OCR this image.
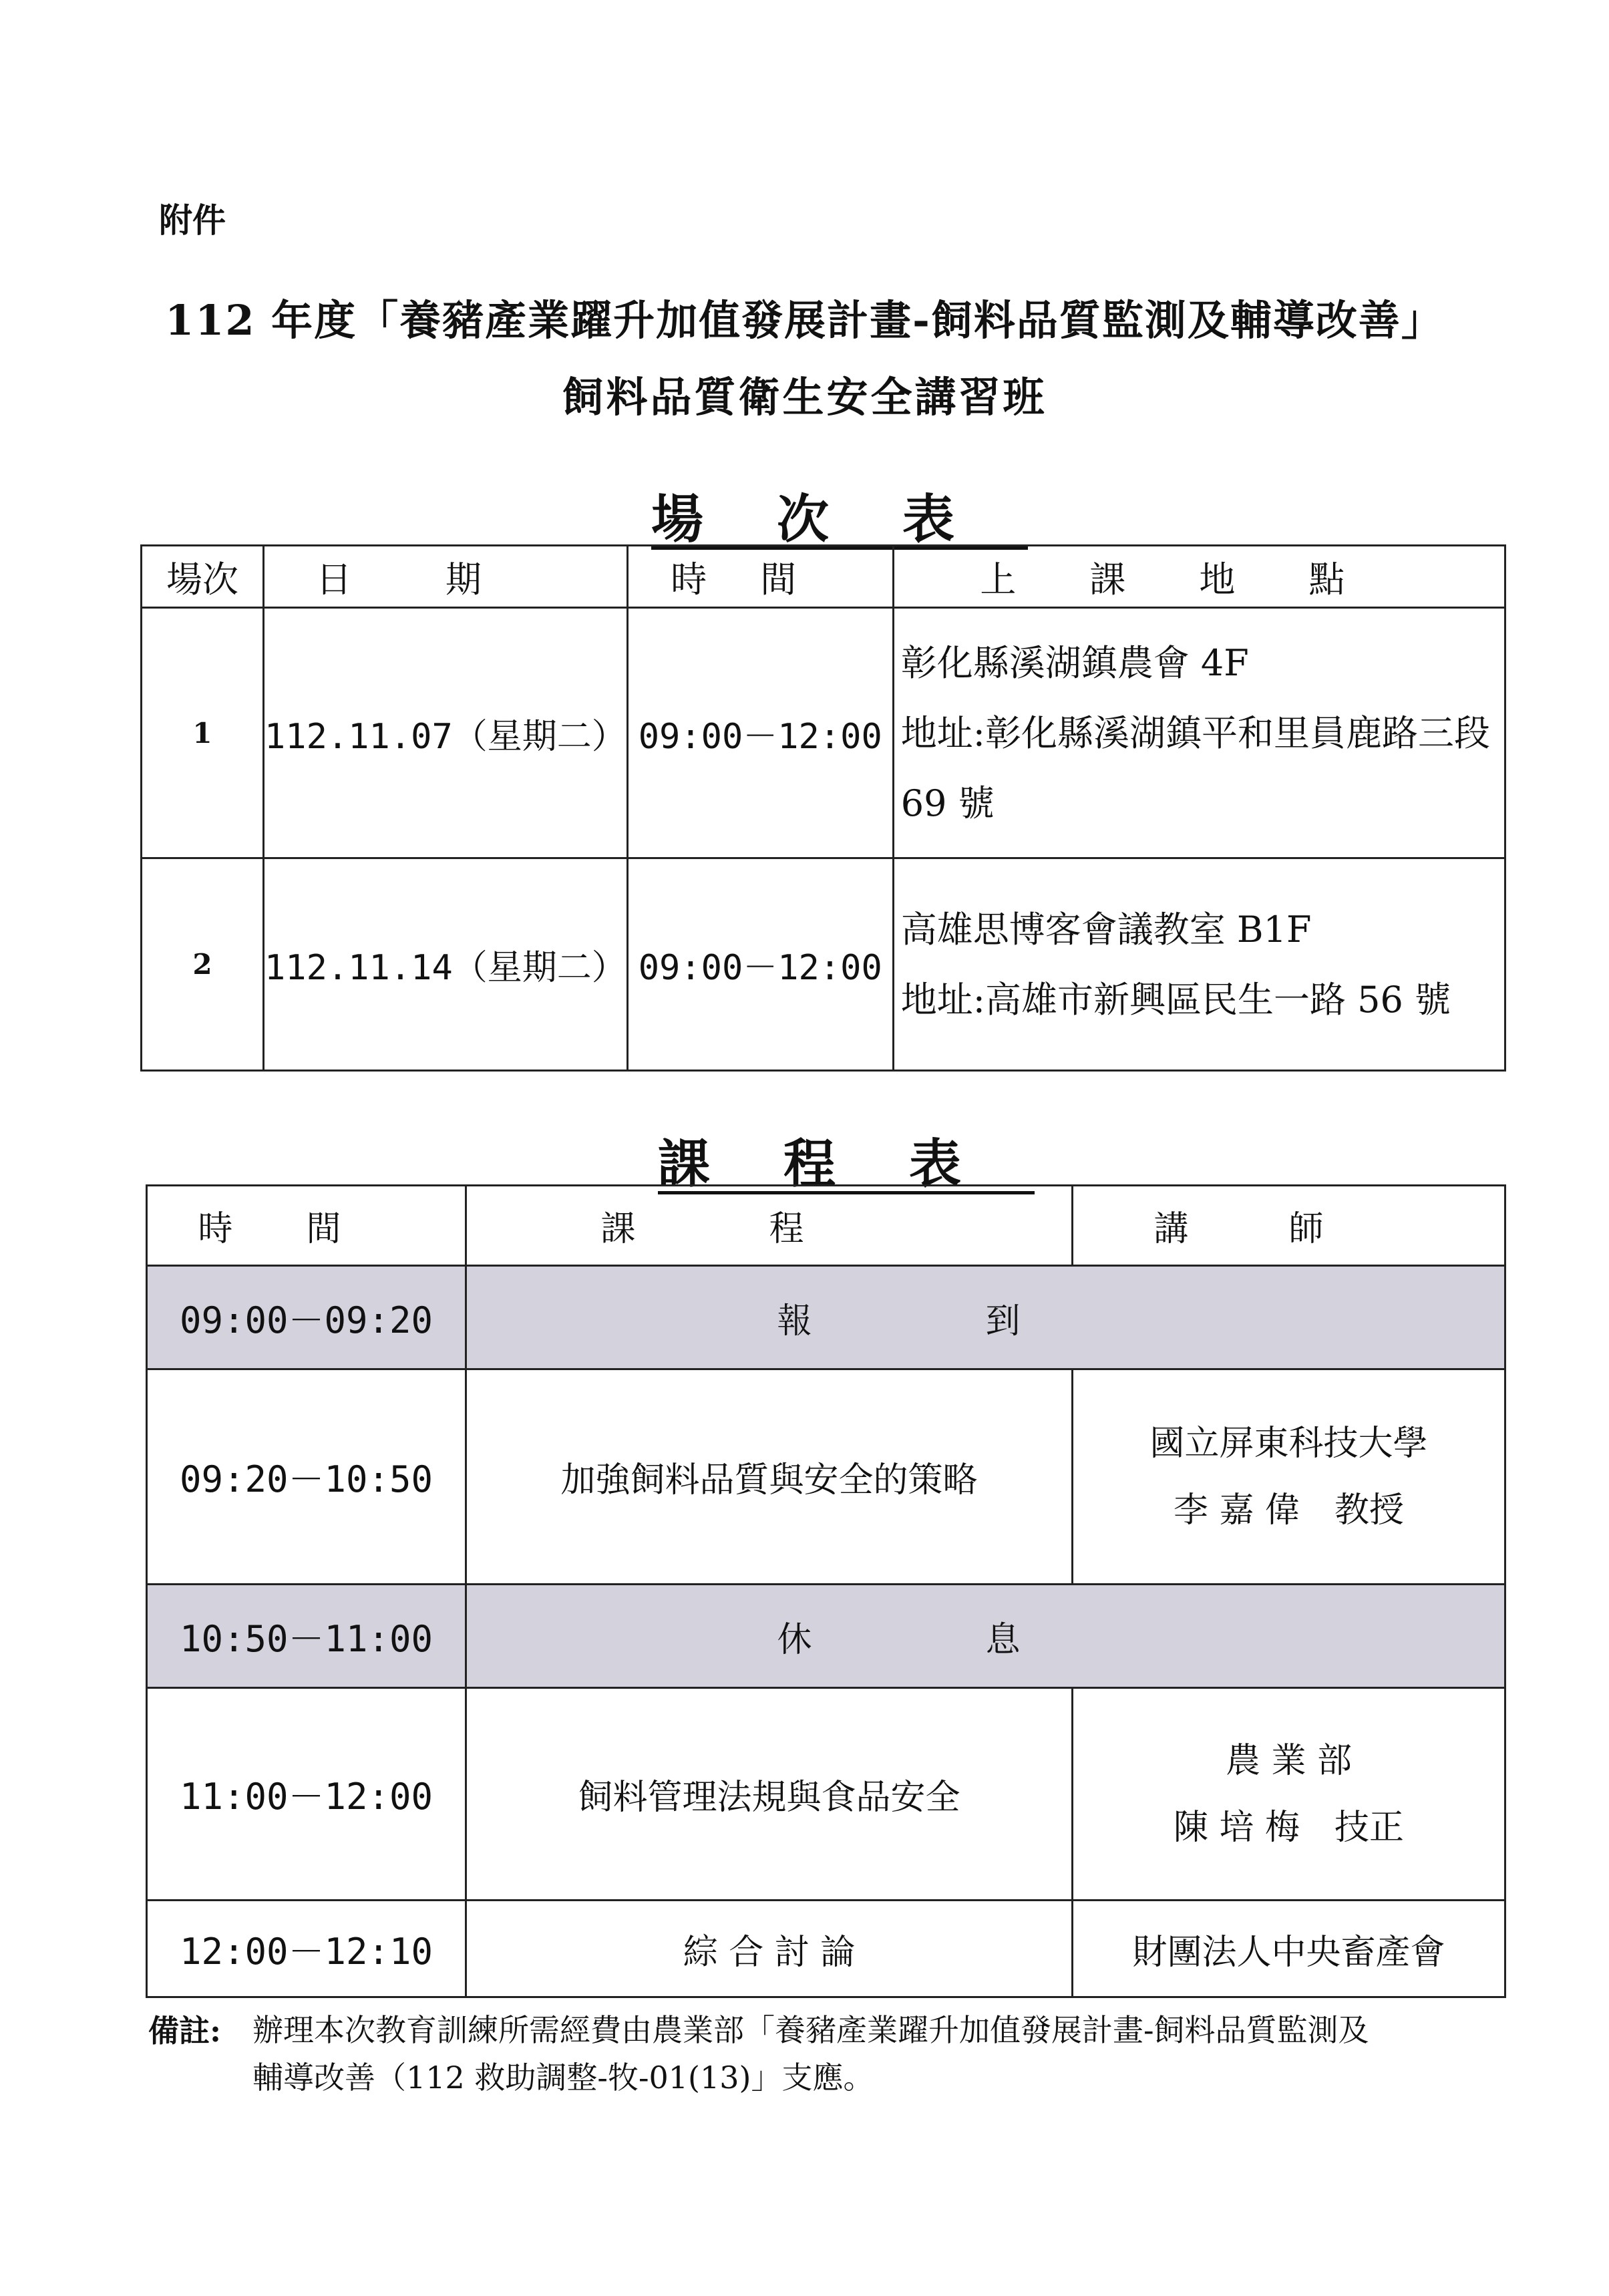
附件
112 年度「養豬產業躍升加值發展計畫-飼料品質監測及輔導改善」
飼料品質衛生安全講習班
場次表
場次	日期	時間	上課地點
1	112.11.07（星期二）	09:00－12:00	彰化縣溪湖鎮農會 4F
地址:彰化縣溪湖鎮平和里員鹿路三段 69 號

2	112.11.14（星期二）	09:00－12:00	高雄思博客會議教室 B1F
地址:高雄市新興區民生一路 56 號
課程表
時間	課程	講師
09:00－09:20	報到	
09:20－10:50	加強飼料品質與安全的策略	國立屏東科技大學
李 嘉 偉　教授

10:50－11:00	休息	
11:00－12:00	飼料管理法規與食品安全	農 業 部
陳 培 梅　技正

12:00－12:10	綜 合 討 論	財團法人中央畜產會
備註: 辦理本次教育訓練所需經費由農業部「養豬產業躍升加值發展計畫-飼料品質監測及
輔導改善（112 救助調整-牧-01(13)」支應。
